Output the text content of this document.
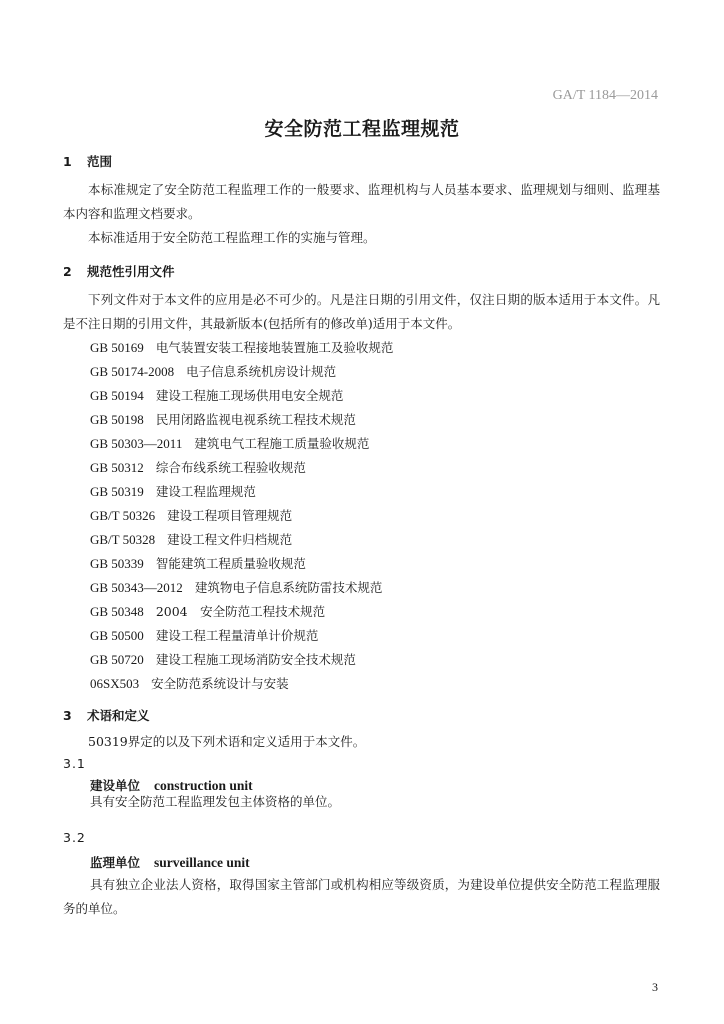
GA/T 1184—2014
安全防范工程监理规范
1 范围

本标准规定了安全防范工程监理工作的一般要求、监理机构与人员基本要求、监理规划与细则、监理基本内容和监理文档要求。

本标准适用于安全防范工程监理工作的实施与管理。

2 规范性引用文件

下列文件对于本文件的应用是必不可少的。凡是注日期的引用文件，仅注日期的版本适用于本文件。凡是不注日期的引用文件，其最新版本(包括所有的修改单)适用于本文件。

GB 50169 电气装置安装工程接地装置施工及验收规范
GB 50174-2008 电子信息系统机房设计规范
GB 50194 建设工程施工现场供用电安全规范
GB 50198 民用闭路监视电视系统工程技术规范
GB 50303—2011 建筑电气工程施工质量验收规范
GB 50312 综合布线系统工程验收规范
GB 50319 建设工程监理规范
GB/T 50326 建设工程项目管理规范
GB/T 50328 建设工程文件归档规范
GB 50339 智能建筑工程质量验收规范
GB 50343—2012 建筑物电子信息系统防雷技术规范
GB 50348 2004　安全防范工程技术规范
GB 50500 建设工程工程量清单计价规范
GB 50720 建设工程施工现场消防安全技术规范
06SX503 安全防范系统设计与安装
3 术语和定义

50319界定的以及下列术语和定义适用于本文件。

3.1
建设单位 construction unit

具有安全防范工程监理发包主体资格的单位。

3.2
监理单位 surveillance unit

具有独立企业法人资格，取得国家主管部门或机构相应等级资质，为建设单位提供安全防范工程监理服务的单位。

3
